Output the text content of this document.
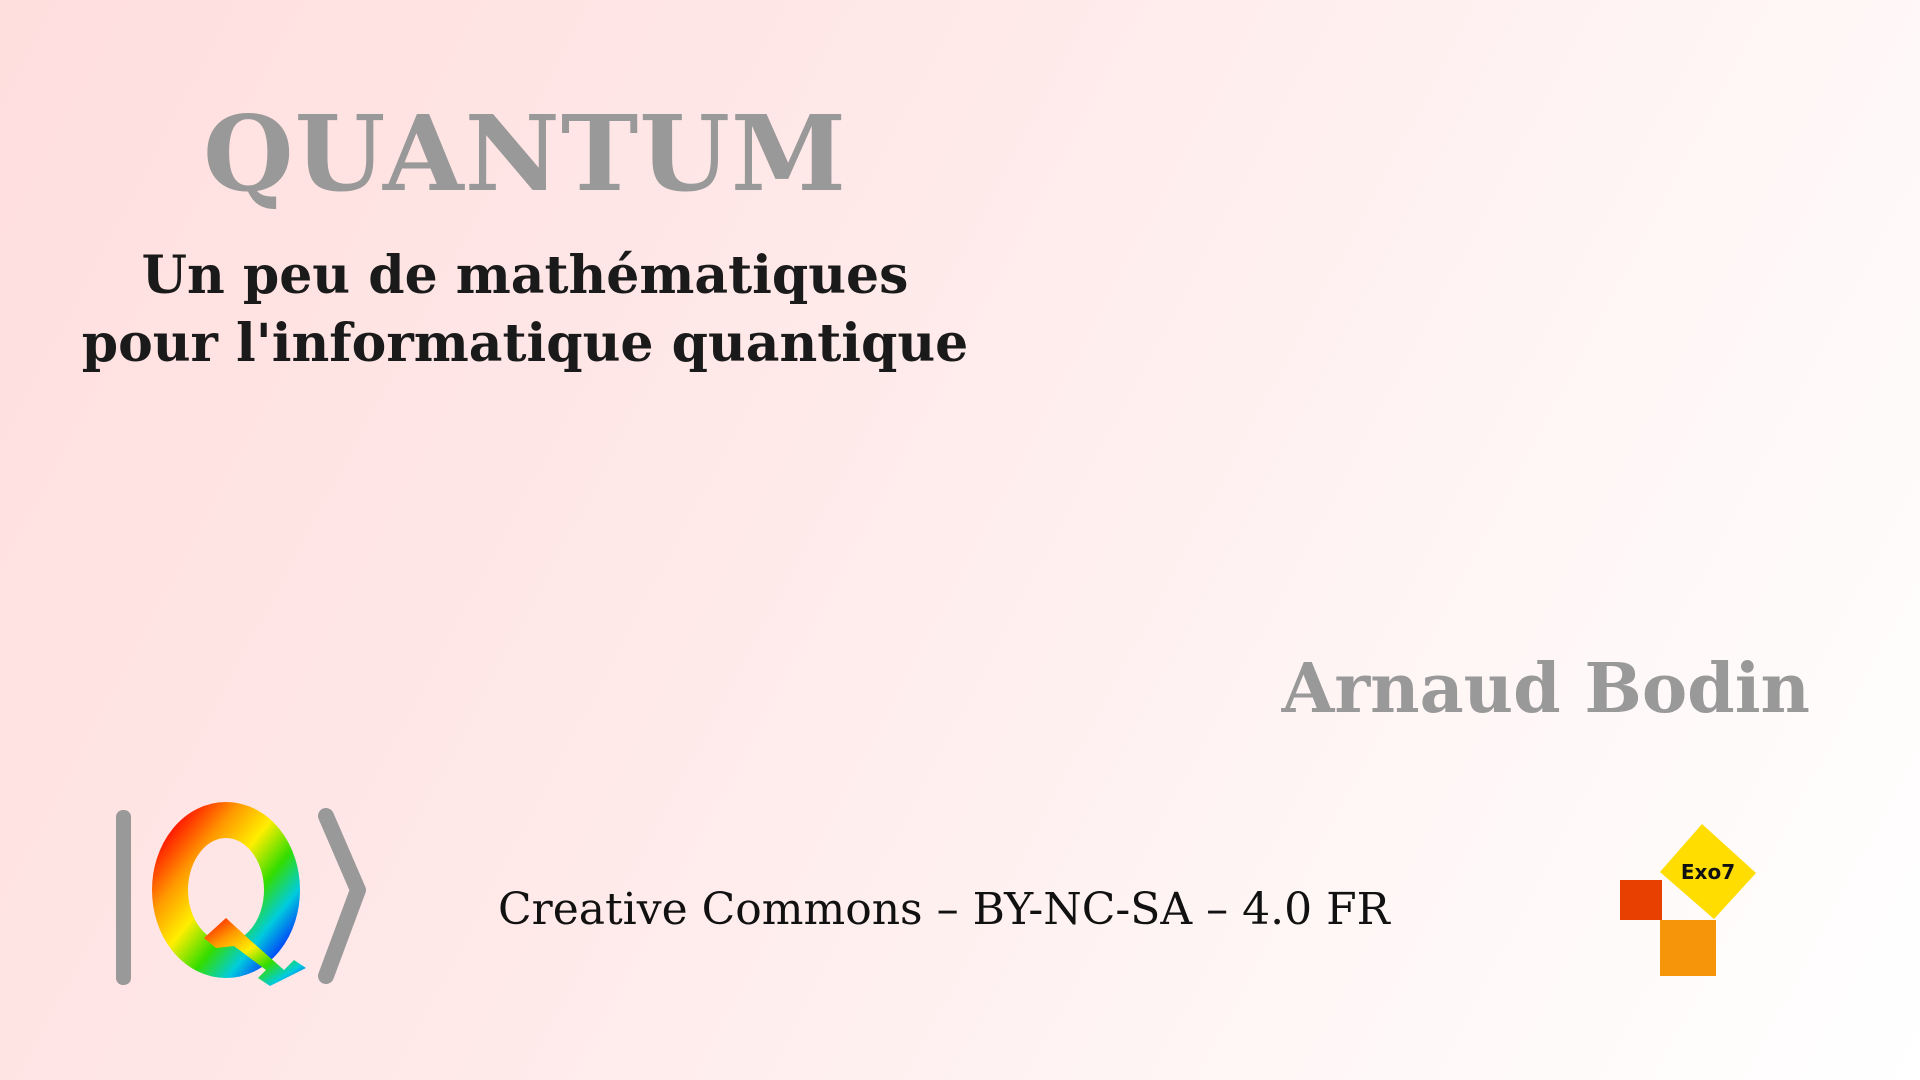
QUANTUM
Un peu de mathématiques
pour l'informatique quantique
Arnaud Bodin
Creative Commons – BY-NC-SA – 4.0 FR
Exo7
